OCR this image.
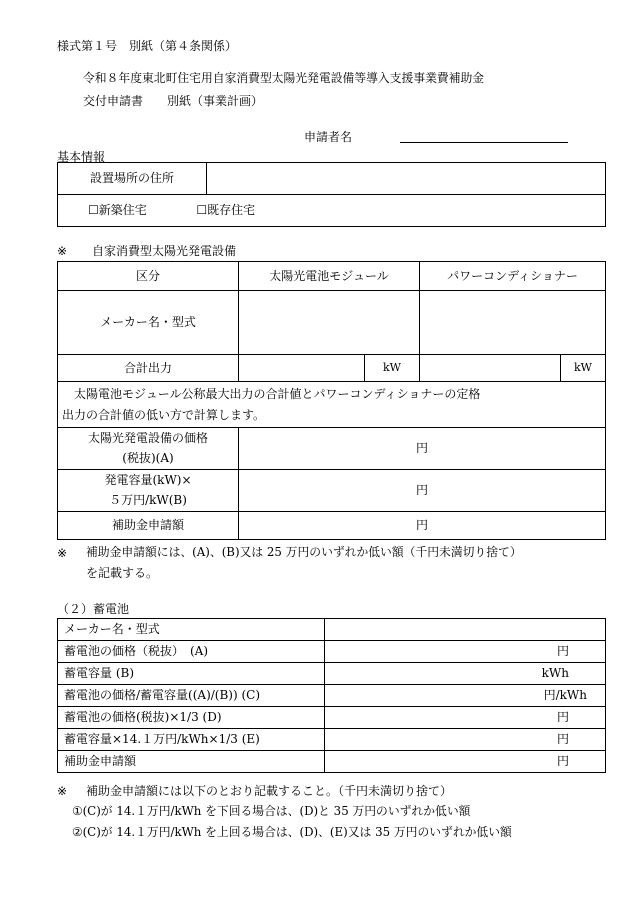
様式第１号　別紙（第４条関係）
令和８年度東北町住宅用自家消費型太陽光発電設備等導入支援事業費補助金
交付申請書　　別紙（事業計画）
申請者名
基本情報
設置場所の住所	
☐新築住宅	☐既存住宅
※ 自家消費型太陽光発電設備
区分	太陽光電池モジュール		パワーコンディショナー	
メーカー名・型式				
合計出力		kW		kW

　太陽電池モジュール公称最大出力の合計値とパワーコンディショナーの定格
出力の合計値の低い方で計算します。				

太陽光発電設備の価格
(税抜)(A)	円			

発電容量(kW)×
５万円/kW(B)	円			
補助金申請額	円			
※ 補助金申請額には、(A)、(B)又は 25 万円のいずれか低い額（千円未満切り捨て）
を記載する。
（２）蓄電池
メーカー名・型式	
蓄電池の価格（税抜）　(A)	円
蓄電容量 (B)	kWh
蓄電池の価格/蓄電容量((A)/(B)) (C)	円/kWh
蓄電池の価格(税抜)×1/3 (D)	円
蓄電容量×14.１万円/kWh×1/3 (E)	円
補助金申請額	円
※ 補助金申請額には以下のとおり記載すること。（千円未満切り捨て）
①(C)が 14.１万円/kWh を下回る場合は、(D)と 35 万円のいずれか低い額
②(C)が 14.１万円/kWh を上回る場合は、(D)、(E)又は 35 万円のいずれか低い額
